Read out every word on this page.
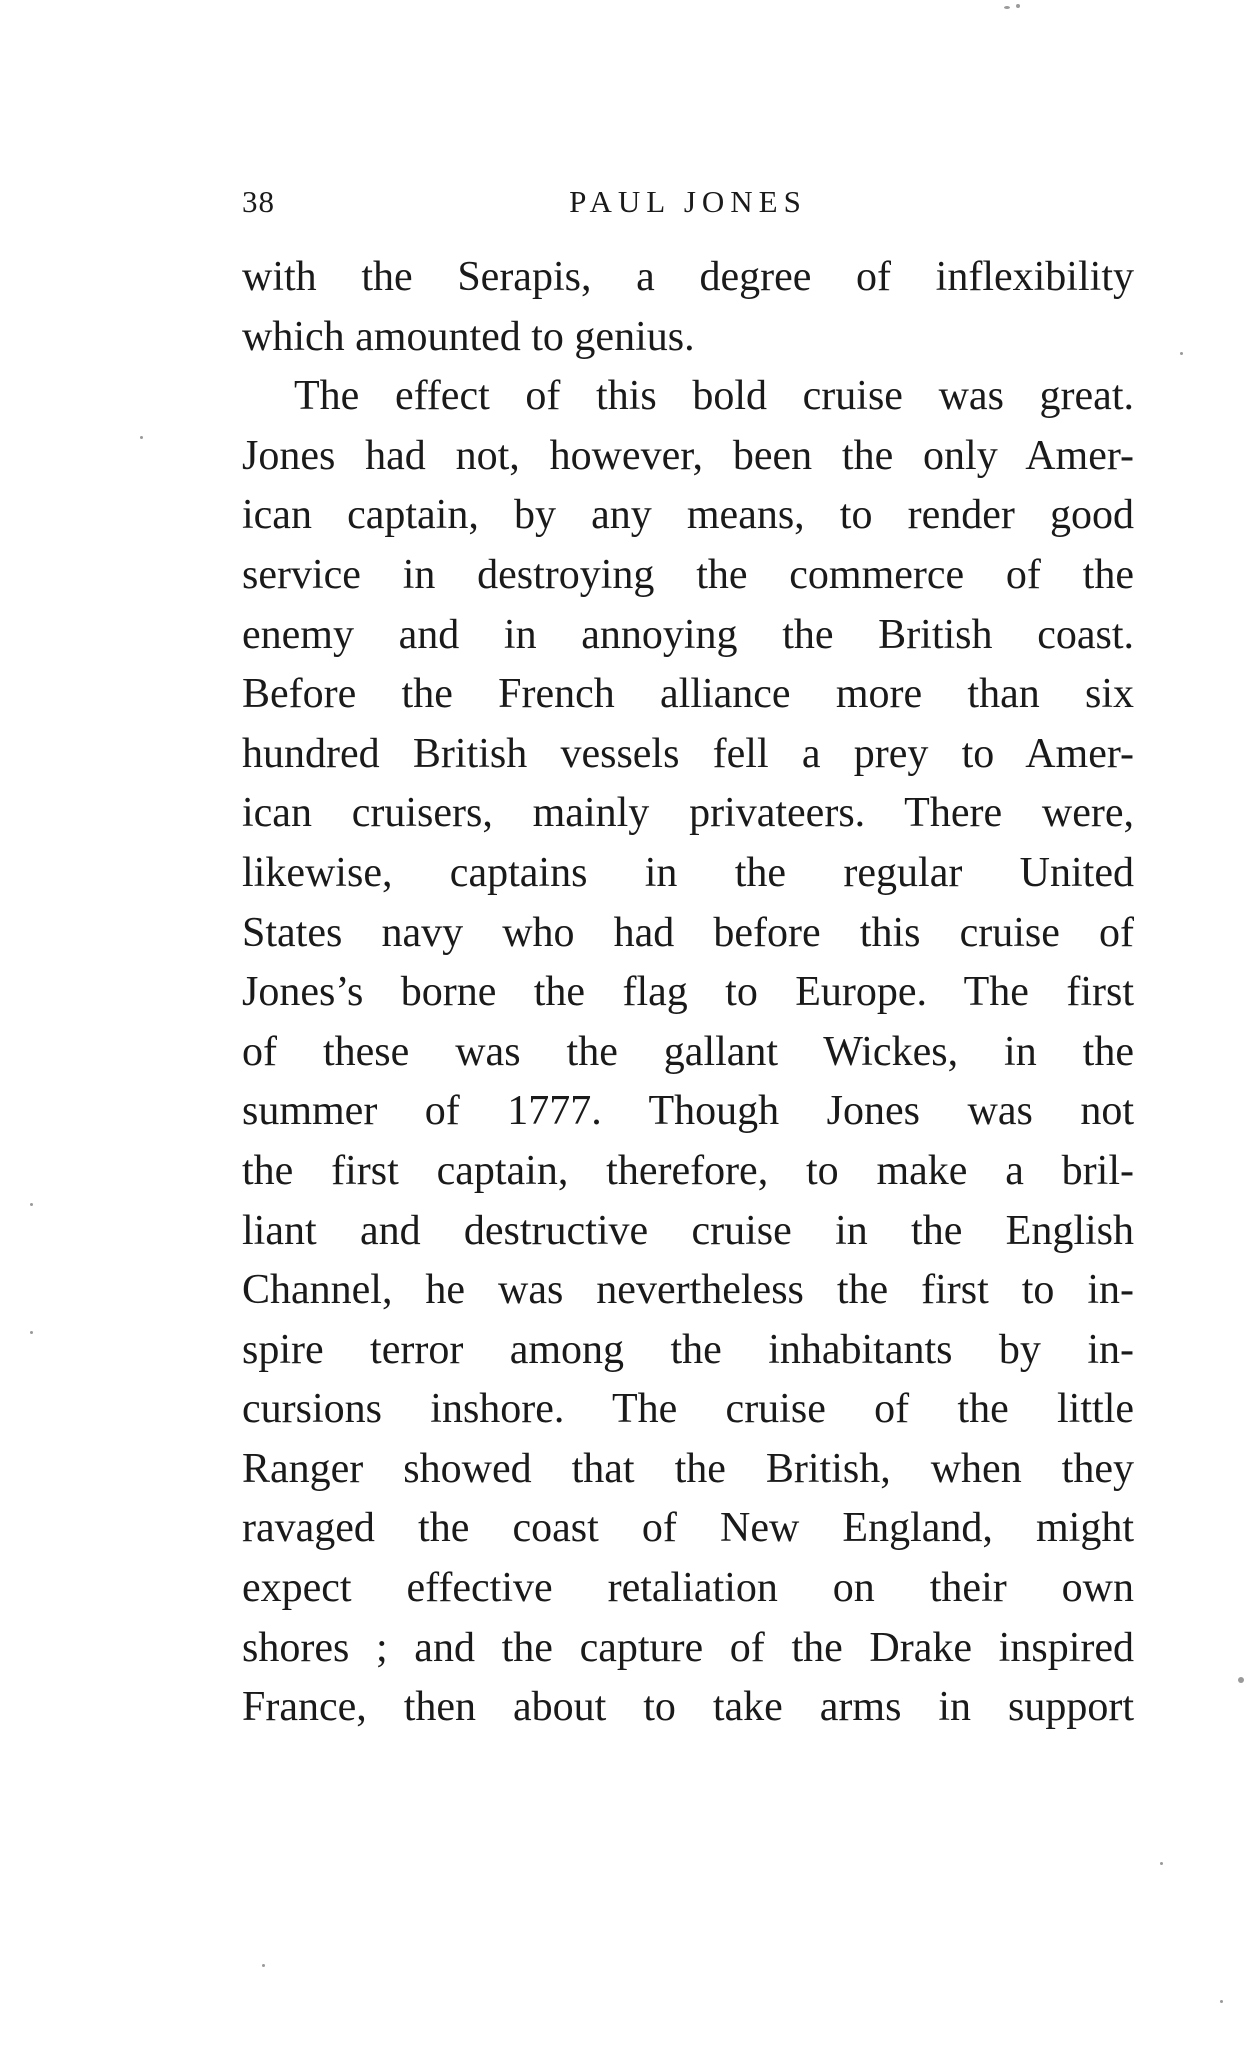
38	PAUL JONES
with the Serapis, a degree of inflexibility
which amounted to genius.
The effect of this bold cruise was great.
Jones had not, however, been the only Amer-
ican captain, by any means, to render good
service in destroying the commerce of the
enemy and in annoying the British coast.
Before the French alliance more than six
hundred British vessels fell a prey to Amer-
ican cruisers, mainly privateers. There were,
likewise, captains in the regular United
States navy who had before this cruise of
Jones’s borne the flag to Europe. The first
of these was the gallant Wickes, in the
summer of 1777. Though Jones was not
the first captain, therefore, to make a bril-
liant and destructive cruise in the English
Channel, he was nevertheless the first to in-
spire terror among the inhabitants by in-
cursions inshore. The cruise of the little
Ranger showed that the British, when they
ravaged the coast of New England, might
expect effective retaliation on their own
shores ; and the capture of the Drake inspired
France, then about to take arms in support
